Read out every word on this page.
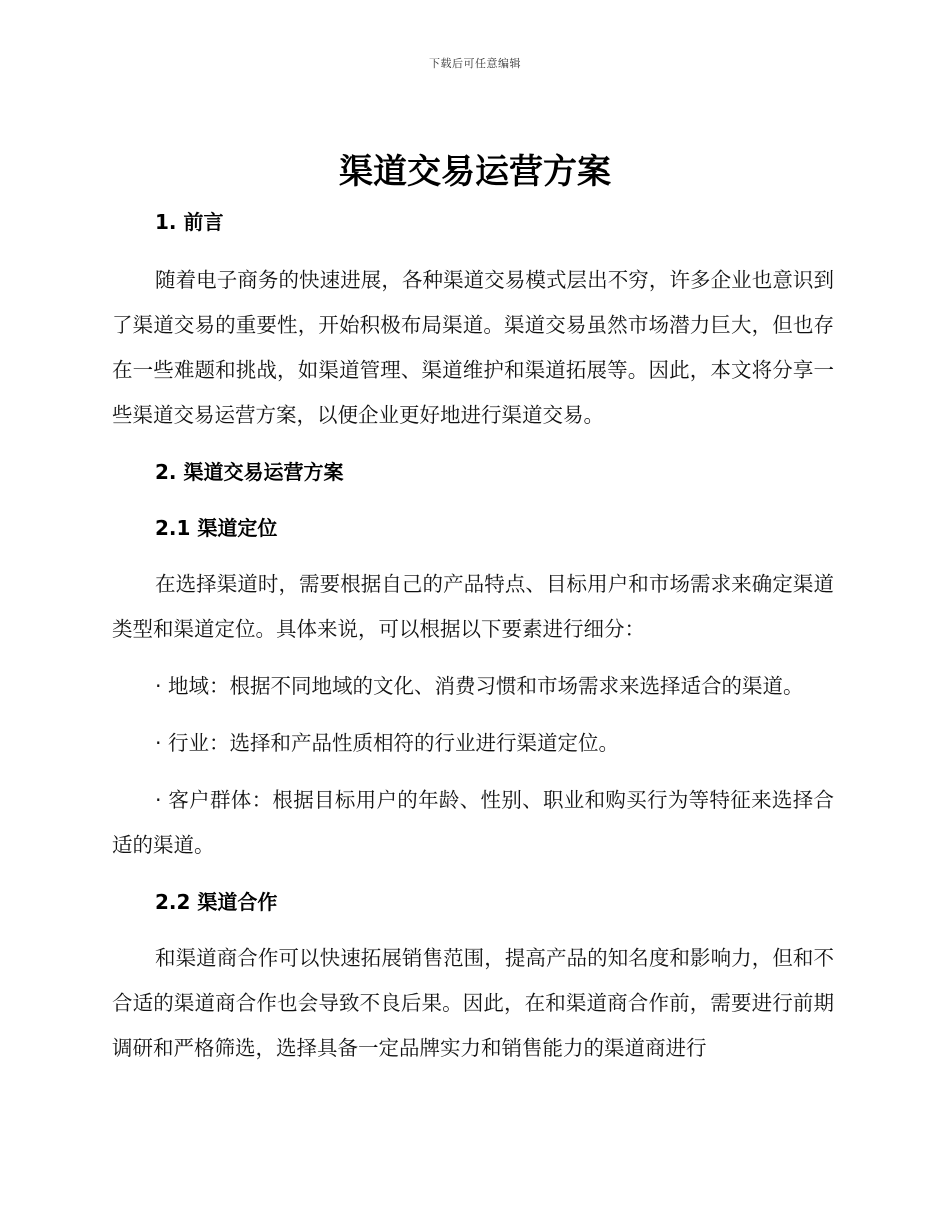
下载后可任意编辑
渠道交易运营方案
1. 前言

随着电子商务的快速进展，各种渠道交易模式层出不穷，许多企业也意识到了渠道交易的重要性，开始积极布局渠道。渠道交易虽然市场潜力巨大，但也存在一些难题和挑战，如渠道管理、渠道维护和渠道拓展等。因此，本文将分享一些渠道交易运营方案，以便企业更好地进行渠道交易。

2. 渠道交易运营方案
2.1 渠道定位

在选择渠道时，需要根据自己的产品特点、目标用户和市场需求来确定渠道类型和渠道定位。具体来说，可以根据以下要素进行细分：

· 地域：根据不同地域的文化、消费习惯和市场需求来选择适合的渠道。

· 行业：选择和产品性质相符的行业进行渠道定位。

· 客户群体：根据目标用户的年龄、性别、职业和购买行为等特征来选择合适的渠道。

2.2 渠道合作

和渠道商合作可以快速拓展销售范围，提高产品的知名度和影响力，但和不合适的渠道商合作也会导致不良后果。因此，在和渠道商合作前，需要进行前期调研和严格筛选，选择具备一定品牌实力和销售能力的渠道商进行
